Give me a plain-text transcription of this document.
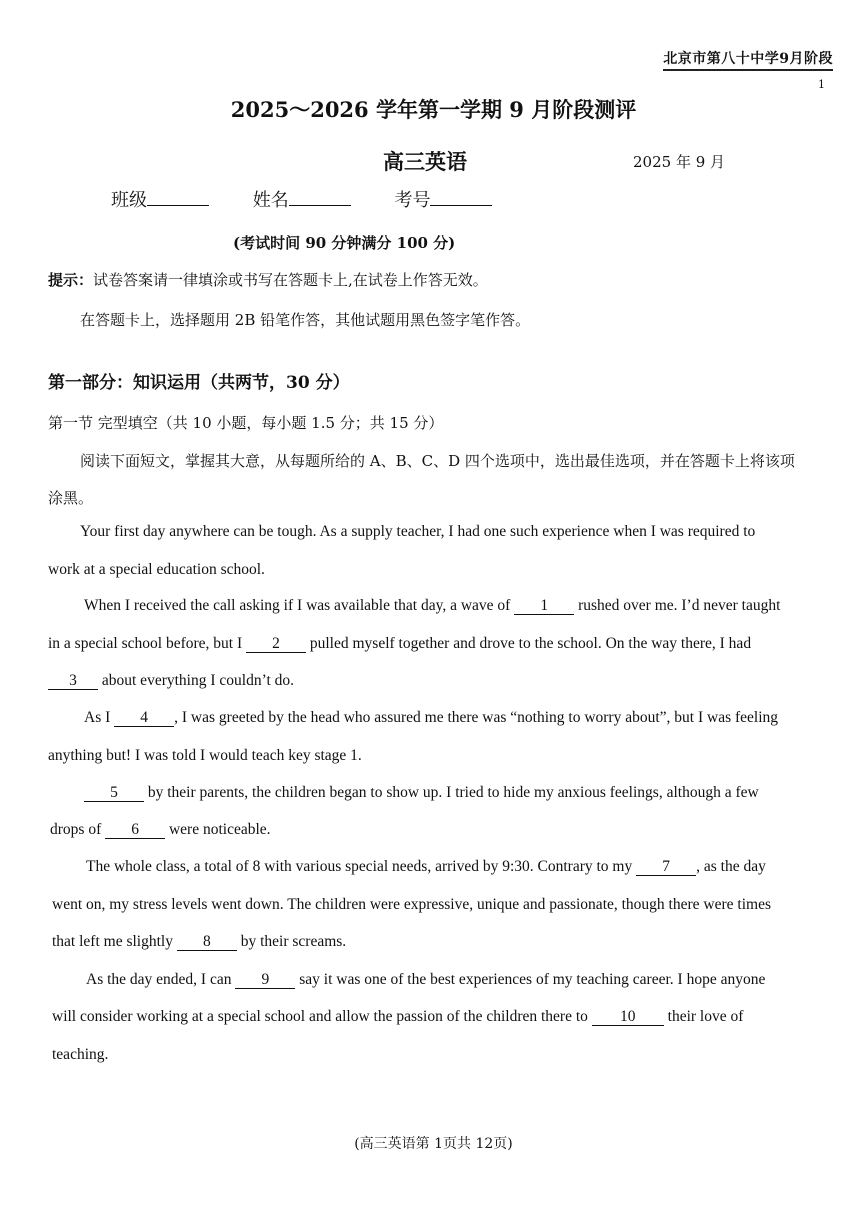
北京市第八十中学9月阶段
1
2025～2026 学年第一学期 9 月阶段测评
高三英语	2025 年 9 月
班级	姓名	考号
(考试时间 90 分钟满分 100 分)
提示：试卷答案请一律填涂或书写在答题卡上,在试卷上作答无效。
在答题卡上，选择题用 2B 铅笔作答，其他试题用黑色签字笔作答。
第一部分：知识运用（共两节，30 分）
第一节 完型填空（共 10 小题，每小题 1.5 分；共 15 分）
阅读下面短文，掌握其大意，从每题所给的 A、B、C、D 四个选项中，选出最佳选项，并在答题卡上将该项
涂黑。
Your first day anywhere can be tough. As a supply teacher, I had one such experience when I was required to
work at a special education school.
When I received the call asking if I was available that day, a wave of 1 rushed over me. I’d never taught
in a special school before, but I 2 pulled myself together and drove to the school. On the way there, I had
3 about everything I couldn’t do.
As I 4 , I was greeted by the head who assured me there was “nothing to worry about”, but I was feeling
anything but! I was told I would teach key stage 1.
5 by their parents, the children began to show up. I tried to hide my anxious feelings, although a few
drops of 6 were noticeable.
The whole class, a total of 8 with various special needs, arrived by 9:30. Contrary to my 7 , as the day
went on, my stress levels went down. The children were expressive, unique and passionate, though there were times
that left me slightly 8 by their screams.
As the day ended, I can 9 say it was one of the best experiences of my teaching career. I hope anyone
will consider working at a special school and allow the passion of the children there to 10 their love of
teaching.
(高三英语第 1页共 12页)
